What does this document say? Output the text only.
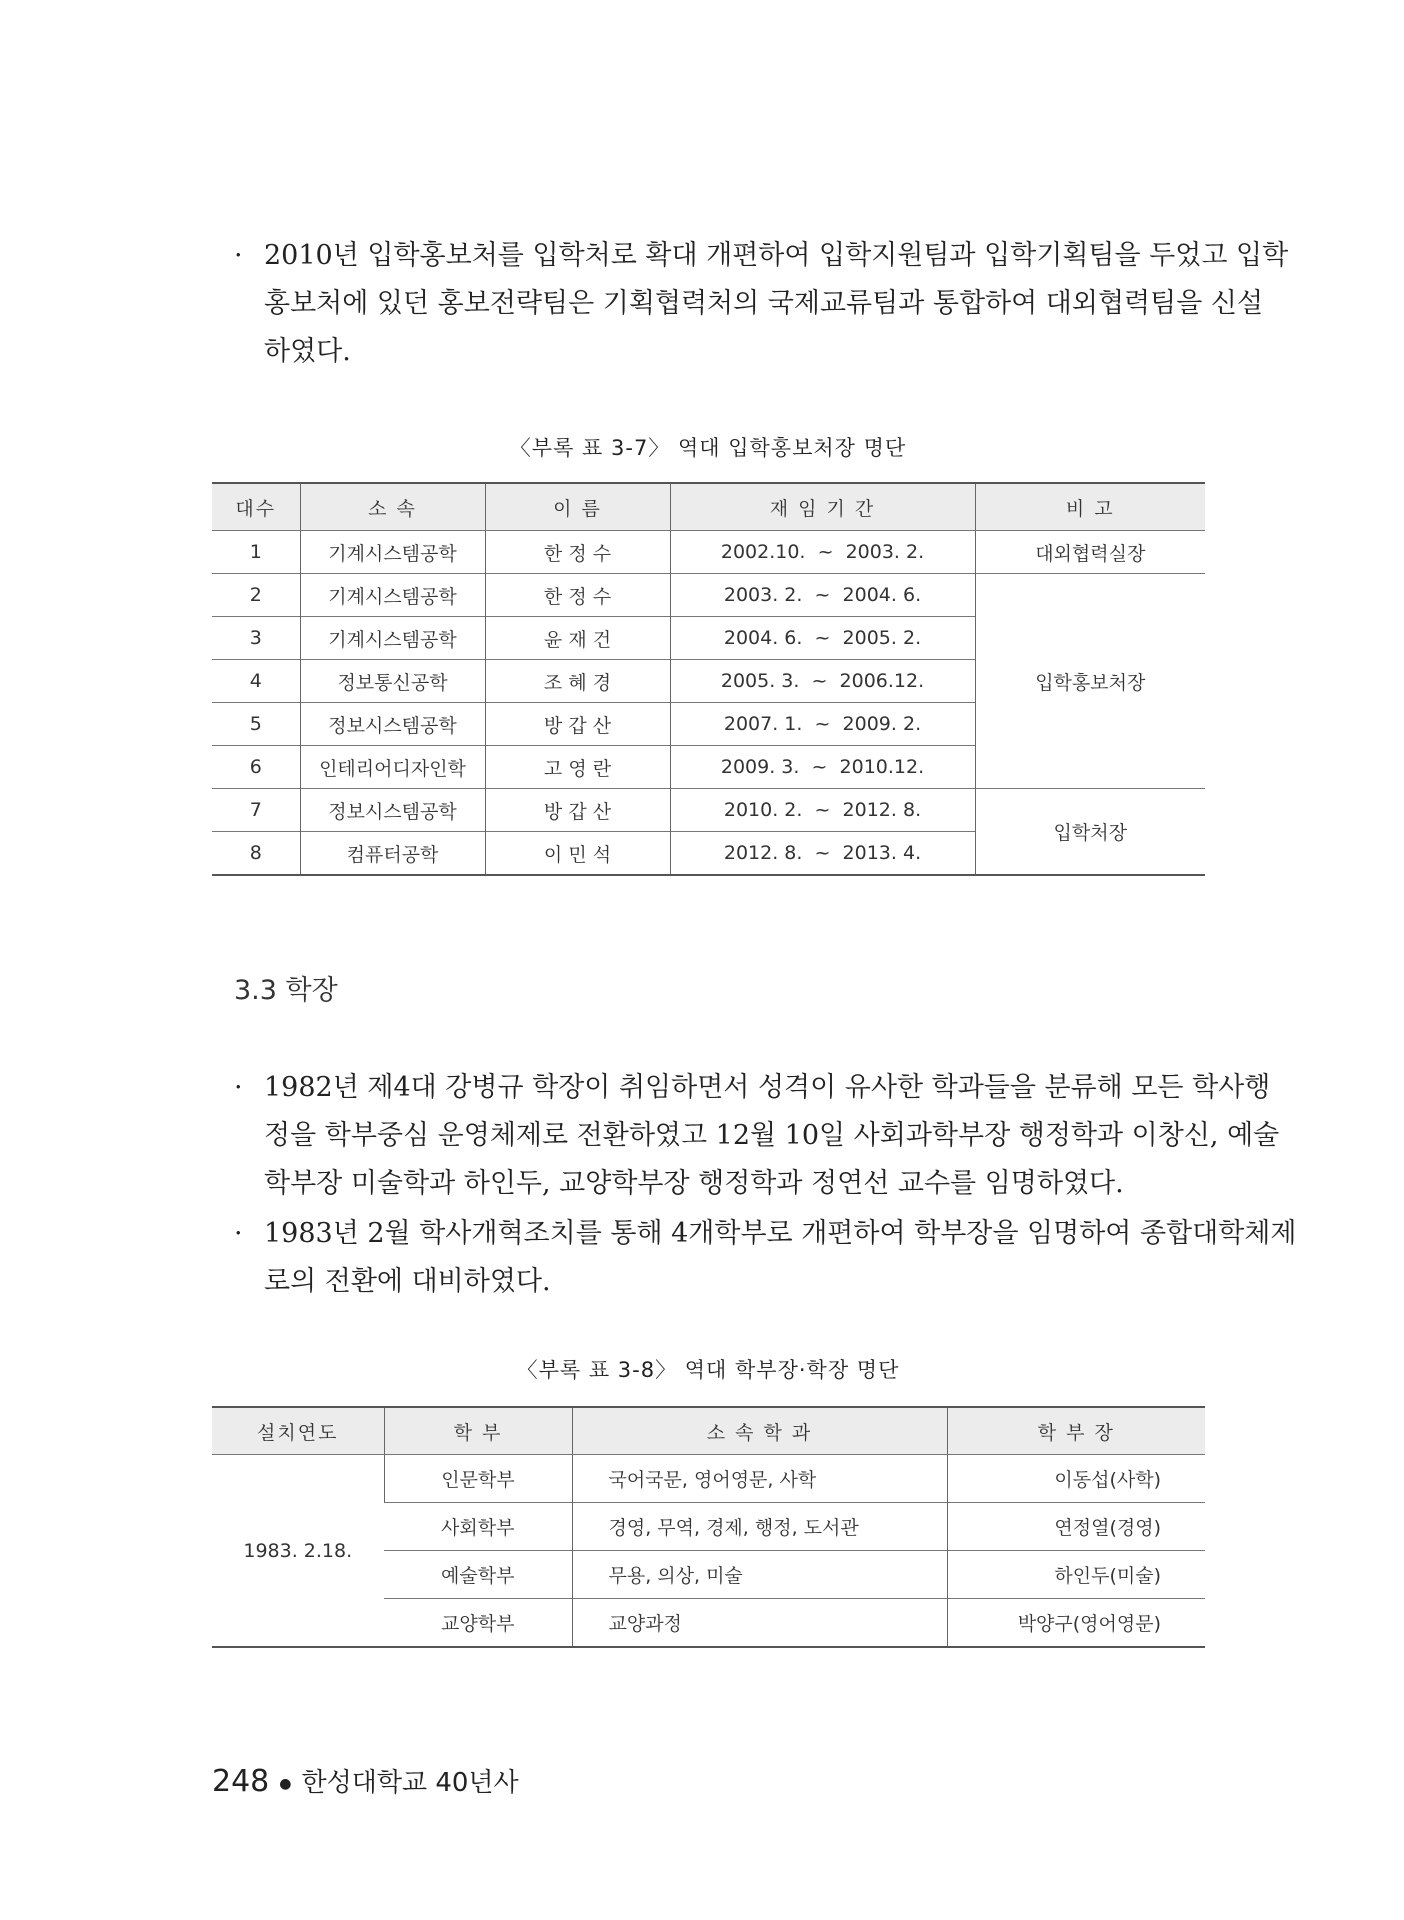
· 2010년 입학홍보처를 입학처로 확대 개편하여 입학지원팀과 입학기획팀을 두었고 입학
홍보처에 있던 홍보전략팀은 기획협력처의 국제교류팀과 통합하여 대외협력팀을 신설
하였다.
〈부록 표 3-7〉 역대 입학홍보처장 명단
대수	소 속	이 름	재 임 기 간	비 고
1	기계시스템공학	한 정 수	2002.10. ~ 2003. 2.	대외협력실장
2	기계시스템공학	한 정 수	2003. 2. ~ 2004. 6.	입학홍보처장
3	기계시스템공학	윤 재 건	2004. 6. ~ 2005. 2.	
4	정보통신공학	조 혜 경	2005. 3. ~ 2006.12.	
5	정보시스템공학	방 갑 산	2007. 1. ~ 2009. 2.	
6	인테리어디자인학	고 영 란	2009. 3. ~ 2010.12.	
7	정보시스템공학	방 갑 산	2010. 2. ~ 2012. 8.	입학처장
8	컴퓨터공학	이 민 석	2012. 8. ~ 2013. 4.	
3.3 학장
· 1982년 제4대 강병규 학장이 취임하면서 성격이 유사한 학과들을 분류해 모든 학사행
정을 학부중심 운영체제로 전환하였고 12월 10일 사회과학부장 행정학과 이창신, 예술
학부장 미술학과 하인두, 교양학부장 행정학과 정연선 교수를 임명하였다.
· 1983년 2월 학사개혁조치를 통해 4개학부로 개편하여 학부장을 임명하여 종합대학체제
로의 전환에 대비하였다.
〈부록 표 3-8〉 역대 학부장·학장 명단
설치연도	학 부	소 속 학 과	학 부 장
1983. 2.18.	인문학부	국어국문, 영어영문, 사학	이동섭(사학)
	사회학부	경영, 무역, 경제, 행정, 도서관	연정열(경영)
	예술학부	무용, 의상, 미술	하인두(미술)
	교양학부	교양과정	박양구(영어영문)
248 ● 한성대학교 40년사
